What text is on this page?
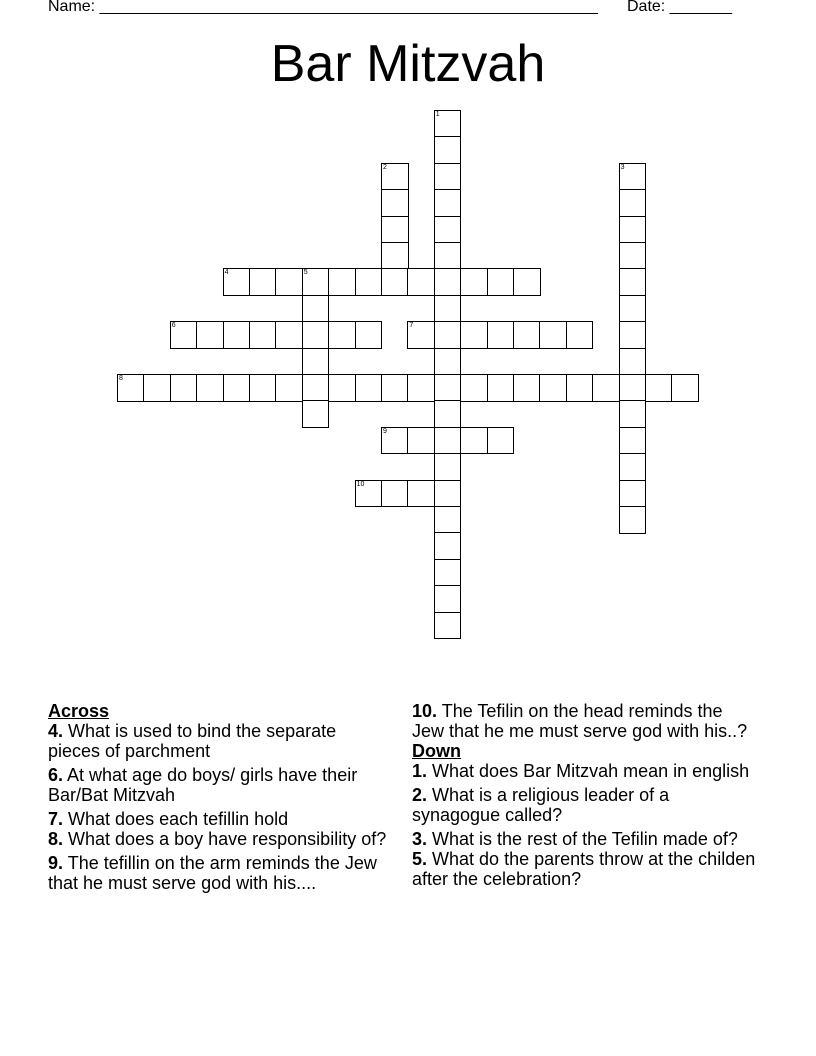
Name: ________________________________________________________ Date: _______
Bar Mitzvah
1
2	3
4	5
6	7
8
9
10
Across
4. What is used to bind the separate pieces of parchment
6. At what age do boys/ girls have their Bar/Bat Mitzvah
7. What does each tefillin hold
8. What does a boy have responsibility of?
9. The tefillin on the arm reminds the Jew that he must serve god with his....
10. The Tefilin on the head reminds the Jew that he me must serve god with his..?
Down
1. What does Bar Mitzvah mean in english
2. What is a religious leader of a synagogue called?
3. What is the rest of the Tefilin made of?
5. What do the parents throw at the childen after the celebration?
